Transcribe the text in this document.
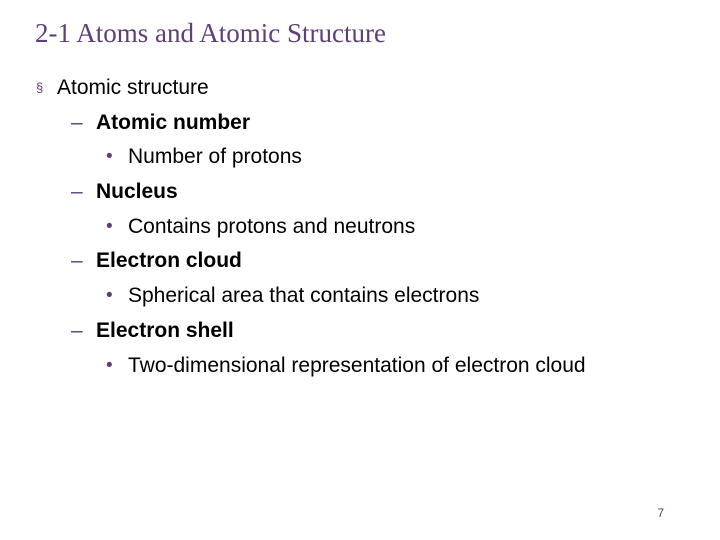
2-1 Atoms and Atomic Structure
§ Atomic structure
– Atomic number
• Number of protons
– Nucleus
• Contains protons and neutrons
– Electron cloud
• Spherical area that contains electrons
– Electron shell
• Two-dimensional representation of electron cloud
7
